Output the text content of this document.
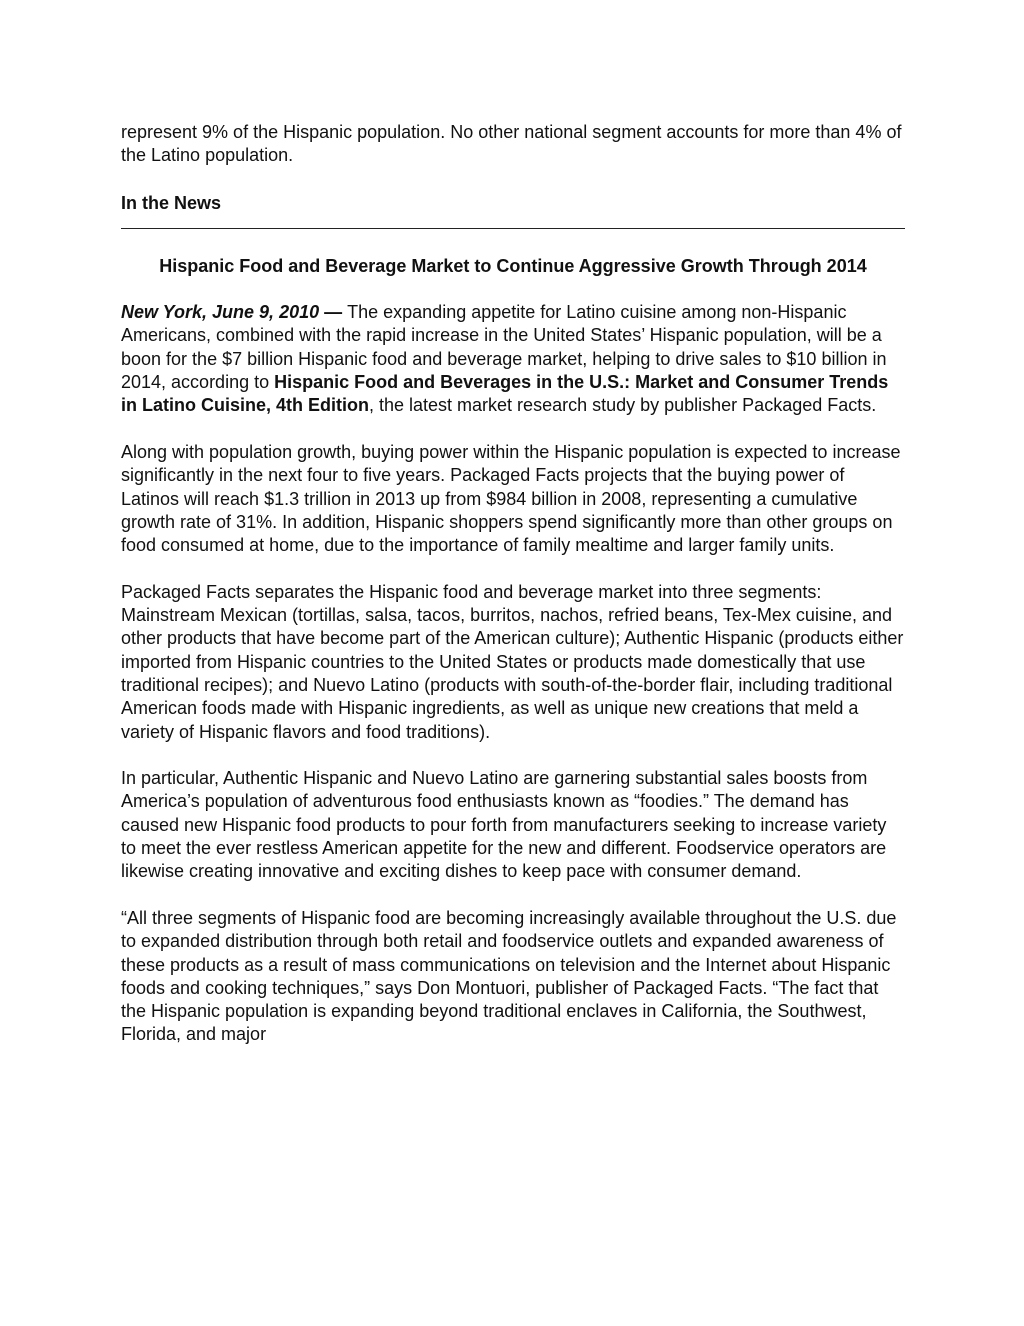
represent 9% of the Hispanic population. No other national segment accounts for more than 4% of the Latino population.

In the News

Hispanic Food and Beverage Market to Continue Aggressive Growth Through 2014

New York, June 9, 2010 — The expanding appetite for Latino cuisine among non-Hispanic Americans, combined with the rapid increase in the United States’ Hispanic population, will be a boon for the $7 billion Hispanic food and beverage market, helping to drive sales to $10 billion in 2014, according to Hispanic Food and Beverages in the U.S.: Market and Consumer Trends in Latino Cuisine, 4th Edition, the latest market research study by publisher Packaged Facts.

Along with population growth, buying power within the Hispanic population is expected to increase significantly in the next four to five years. Packaged Facts projects that the buying power of Latinos will reach $1.3 trillion in 2013 up from $984 billion in 2008, representing a cumulative growth rate of 31%. In addition, Hispanic shoppers spend significantly more than other groups on food consumed at home, due to the importance of family mealtime and larger family units.

Packaged Facts separates the Hispanic food and beverage market into three segments: Mainstream Mexican (tortillas, salsa, tacos, burritos, nachos, refried beans, Tex-Mex cuisine, and other products that have become part of the American culture); Authentic Hispanic (products either imported from Hispanic countries to the United States or products made domestically that use traditional recipes); and Nuevo Latino (products with south-of-the-border flair, including traditional American foods made with Hispanic ingredients, as well as unique new creations that meld a variety of Hispanic flavors and food traditions).

In particular, Authentic Hispanic and Nuevo Latino are garnering substantial sales boosts from America’s population of adventurous food enthusiasts known as “foodies.” The demand has caused new Hispanic food products to pour forth from manufacturers seeking to increase variety to meet the ever restless American appetite for the new and different. Foodservice operators are likewise creating innovative and exciting dishes to keep pace with consumer demand.

“All three segments of Hispanic food are becoming increasingly available throughout the U.S. due to expanded distribution through both retail and foodservice outlets and expanded awareness of these products as a result of mass communications on television and the Internet about Hispanic foods and cooking techniques,” says Don Montuori, publisher of Packaged Facts. “The fact that the Hispanic population is expanding beyond traditional enclaves in California, the Southwest, Florida, and major
